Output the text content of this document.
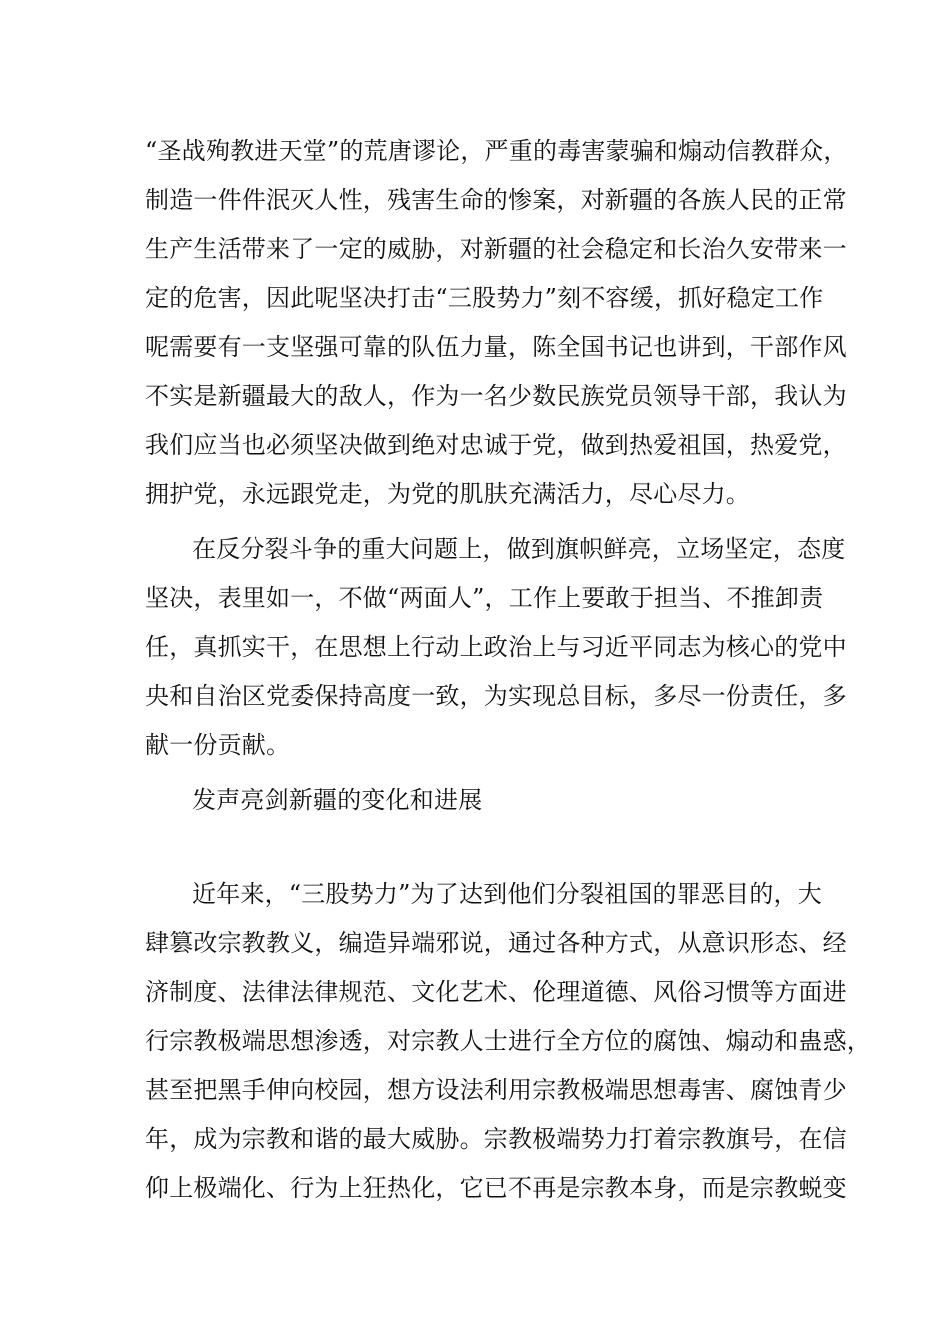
“圣战殉教进天堂”的荒唐谬论，严重的毒害蒙骗和煽动信教群众，
制造一件件泯灭人性，残害生命的惨案，对新疆的各族人民的正常
生产生活带来了一定的威胁，对新疆的社会稳定和长治久安带来一
定的危害，因此呢坚决打击“三股势力”刻不容缓，抓好稳定工作
呢需要有一支坚强可靠的队伍力量，陈全国书记也讲到，干部作风
不实是新疆最大的敌人，作为一名少数民族党员领导干部，我认为
我们应当也必须坚决做到绝对忠诚于党，做到热爱祖国，热爱党，
拥护党，永远跟党走，为党的肌肤充满活力，尽心尽力。
在反分裂斗争的重大问题上，做到旗帜鲜亮，立场坚定，态度
坚决，表里如一，不做“两面人”，工作上要敢于担当、不推卸责
任，真抓实干，在思想上行动上政治上与习近平同志为核心的党中
央和自治区党委保持高度一致，为实现总目标，多尽一份责任，多
献一份贡献。
发声亮剑新疆的变化和进展
近年来，“三股势力”为了达到他们分裂祖国的罪恶目的，大
肆篡改宗教教义，编造异端邪说，通过各种方式，从意识形态、经
济制度、法律法律规范、文化艺术、伦理道德、风俗习惯等方面进
行宗教极端思想渗透，对宗教人士进行全方位的腐蚀、煽动和蛊惑，
甚至把黑手伸向校园，想方设法利用宗教极端思想毒害、腐蚀青少
年，成为宗教和谐的最大威胁。宗教极端势力打着宗教旗号，在信
仰上极端化、行为上狂热化，它已不再是宗教本身，而是宗教蜕变
